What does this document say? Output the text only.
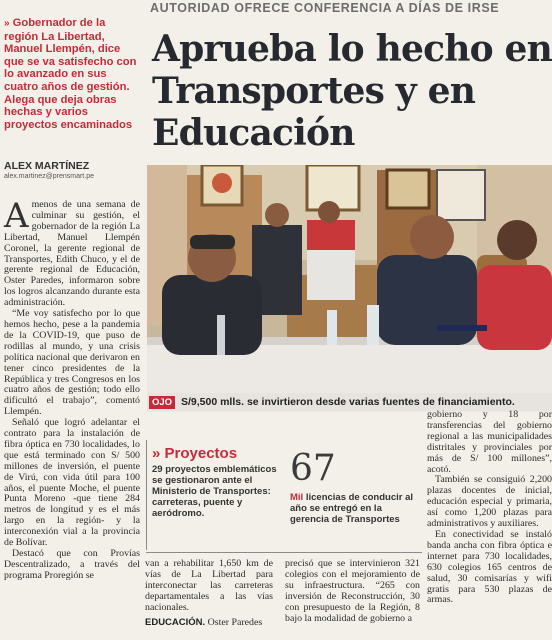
AUTORIDAD OFRECE CONFERENCIA A DÍAS DE IRSE
Aprueba lo hecho en Transportes y en Educación
» Gobernador de la región La Libertad, Manuel Llempén, dice que se va satisfecho con lo avanzado en sus cuatro años de gestión. Alega que deja obras hechas y varios proyectos encaminados
ALEX MARTÍNEZ
alex.martinez@prensmart.pe

Amenos de una semana de culminar su gestión, el gobernador de la región La Libertad, Manuel Llempén Coronel, la gerente regional de Transportes, Edith Chuco, y el de gerente regional de Educación, Oster Paredes, informaron sobre los logros alcanzando durante esta administración.

“Me voy satisfecho por lo que hemos hecho, pese a la pandemia de la COVID-19, que puso de rodillas al mundo, y una crisis política nacional que derivaron en tener cinco presidentes de la República y tres Congresos en los cuatro años de gestión; todo ello dificultó el trabajo”, comentó Llempén.

Señaló que logró adelantar el contrato para la instalación de fibra óptica en 730 localidades, lo que está terminado con S/ 500 millones de inversión, el puente de Virú, con vida útil para 100 años, el puente Moche, el puente Punta Moreno -que tiene 284 metros de longitud y es el más largo en la región- y la interconexión vial a la provincia de Bolívar.

Destacó que con Provías Descentralizado, a través del programa Proregión se

OJO S/9,500 mlls. se invirtieron desde varias fuentes de financiamiento.
» Proyectos
29 proyectos emblemáticos se gestionaron ante el Ministerio de Transportes: carreteras, puente y aeródromo.
67
Mil licencias de conducir al año se entregó en la gerencia de Transportes

van a rehabilitar 1,650 km de vías de La Libertad para interconectar las carreteras departamentales a las vías nacionales.

EDUCACIÓN. Oster Paredes

precisó que se intervinieron 321 colegios con el mejoramiento de su infraestructura. “265 con inversión de Reconstrucción, 30 con presupuesto de la Región, 8 bajo la modalidad de gobierno a

gobierno y 18 por transferencias del gobierno regional a las municipalidades distritales y provinciales por más de S/ 100 millones”, acotó.

También se consiguió 2,200 plazas docentes de inicial, educación especial y primaria, así como 1,200 plazas para administrativos y auxiliares.

En conectividad se instaló banda ancha con fibra óptica e internet para 730 localidades, 630 colegios 165 centros de salud, 30 comisarías y wifi gratis para 530 plazas de armas.
